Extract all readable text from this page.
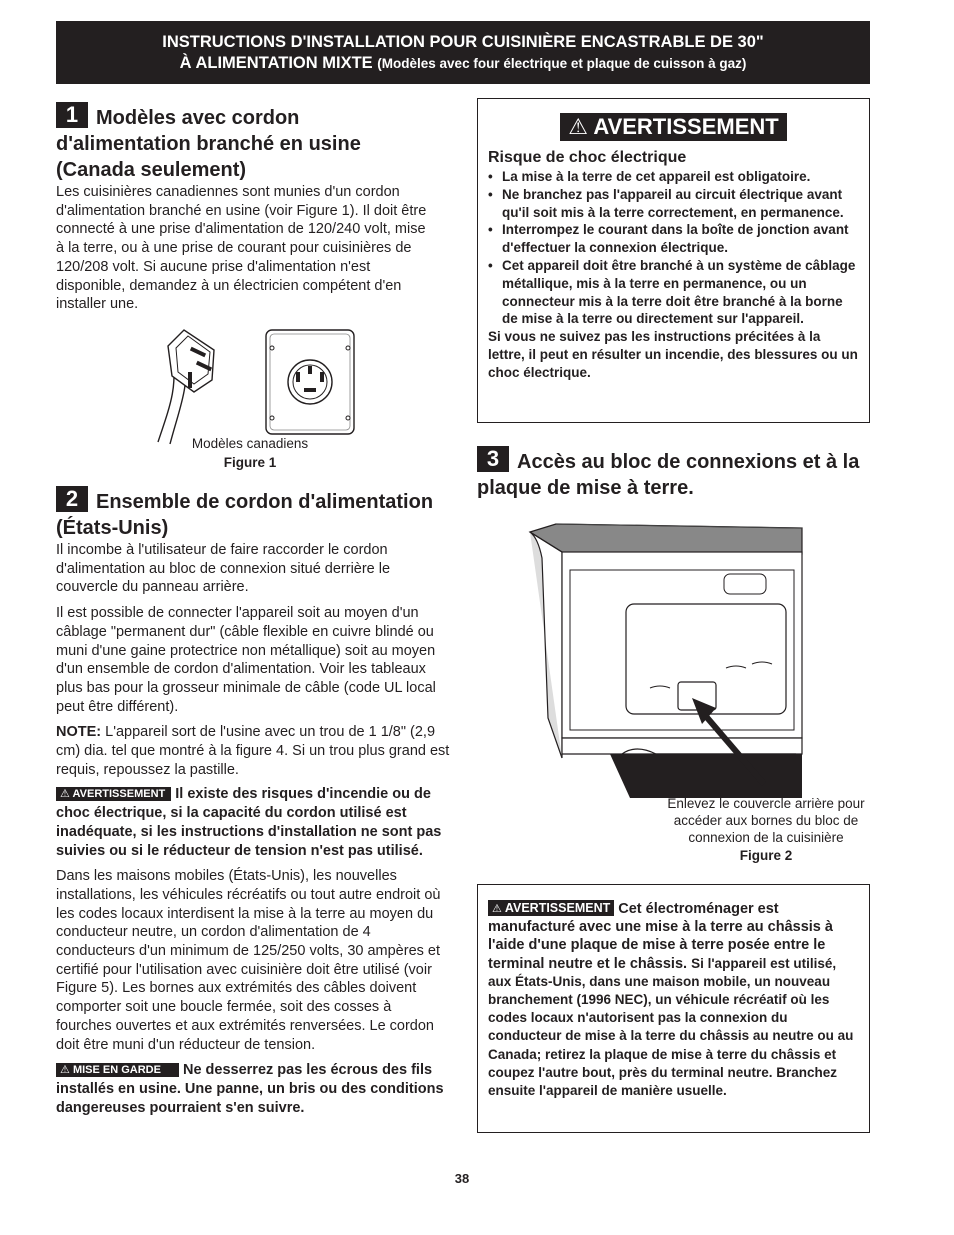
INSTRUCTIONS D'INSTALLATION POUR CUISINIÈRE ENCASTRABLE DE 30"
À ALIMENTATION MIXTE (Modèles avec four électrique et plaque de cuisson à gaz)
1 Modèles avec cordon d'alimentation branché en usine (Canada seulement)
Les cuisinières canadiennes sont munies d'un cordon d'alimentation branché en usine (voir Figure 1). Il doit être connecté à une prise d'alimentation de 120/240 volt, mise à la terre, ou à une prise de courant pour cuisinières de 120/208 volt. Si aucune prise d'alimentation n'est disponible, demandez à un électricien compétent d'en installer une.
Modèles canadiens
Figure 1
2 Ensemble de cordon d'alimentation (États-Unis)
Il incombe à l'utilisateur de faire raccorder le cordon d'alimentation au bloc de connexion situé derrière le couvercle du panneau arrière.
Il est possible de connecter l'appareil soit au moyen d'un câblage "permanent dur" (câble flexible en cuivre blindé ou muni d'une gaine protectrice non métallique) soit au moyen d'un ensemble de cordon d'alimentation. Voir les tableaux plus bas pour la grosseur minimale de câble (code UL local peut être différent).
NOTE: L'appareil sort de l'usine avec un trou de 1 1/8" (2,9 cm) dia. tel que montré à la figure 4. Si un trou plus grand est requis, repoussez la pastille.
⚠ AVERTISSEMENT Il existe des risques d'incendie ou de choc électrique, si la capacité du cordon utilisé est inadéquate, si les instructions d'installation ne sont pas suivies ou si le réducteur de tension n'est pas utilisé.
Dans les maisons mobiles (États-Unis), les nouvelles installations, les véhicules récréatifs ou tout autre endroit où les codes locaux interdisent la mise à la terre au moyen du conducteur neutre, un cordon d'alimentation de 4 conducteurs d'un minimum de 125/250 volts, 30 ampères et certifié pour l'utilisation avec cuisinière doit être utilisé (voir Figure 5). Les bornes aux extrémités des câbles doivent comporter soit une boucle fermée, soit des cosses à fourches ouvertes et aux extrémités renversées. Le cordon doit être muni d'un réducteur de tension.
⚠ MISE EN GARDE Ne desserrez pas les écrous des fils installés en usine. Une panne, un bris ou des conditions dangereuses pourraient s'en suivre.
⚠ AVERTISSEMENT
Risque de choc électrique
• La mise à la terre de cet appareil est obligatoire.
• Ne branchez pas l'appareil au circuit électrique avant qu'il soit mis à la terre correctement, en permanence.
• Interrompez le courant dans la boîte de jonction avant d'effectuer la connexion électrique.
• Cet appareil doit être branché à un système de câblage métallique, mis à la terre en permanence, ou un connecteur mis à la terre doit être branché à la borne de mise à la terre ou directement sur l'appareil.
Si vous ne suivez pas les instructions précitées à la lettre, il peut en résulter un incendie, des blessures ou un choc électrique.
3 Accès au bloc de connexions et à la plaque de mise à terre.
Enlevez le couvercle arrière pour accéder aux bornes du bloc de connexion de la cuisinière
Figure 2
⚠ AVERTISSEMENT Cet électroménager est manufacturé avec une mise à la terre au châssis à l'aide d'une plaque de mise à terre posée entre le terminal neutre et le châssis. Si l'appareil est utilisé, aux États-Unis, dans une maison mobile, un nouveau branchement (1996 NEC), un véhicule récréatif où les codes locaux n'autorisent pas la connexion du conducteur de mise à la terre du châssis au neutre ou au Canada; retirez la plaque de mise à terre du châssis et coupez l'autre bout, près du terminal neutre. Branchez ensuite l'appareil de manière usuelle.
38
